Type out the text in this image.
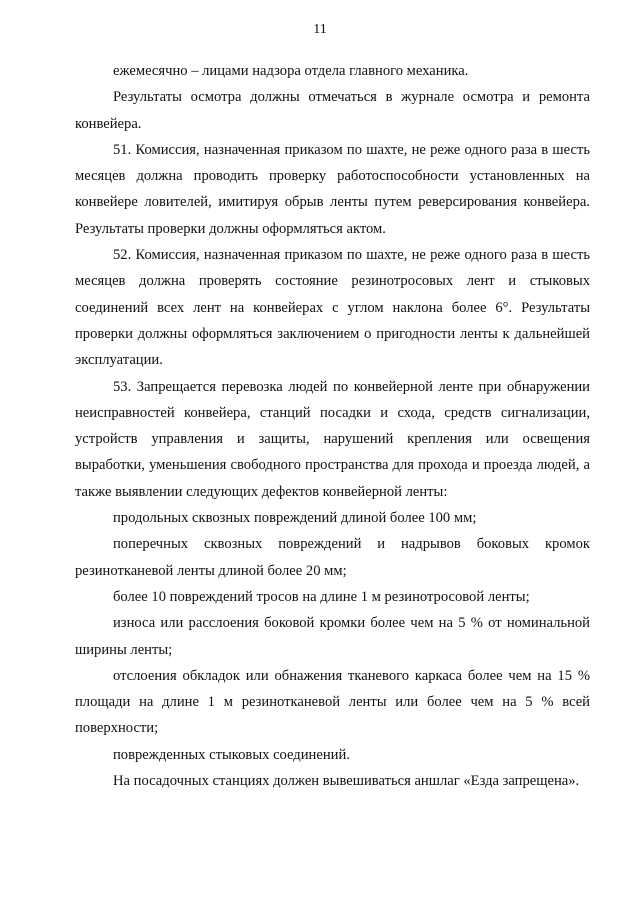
11

ежемесячно – лицами надзора отдела главного механика.

Результаты осмотра должны отмечаться в журнале осмотра и ремонта конвейера.

51. Комиссия, назначенная приказом по шахте, не реже одного раза в шесть месяцев должна проводить проверку работоспособности установленных на конвейере ловителей, имитируя обрыв ленты путем реверсирования конвейера. Результаты проверки должны оформляться актом.

52. Комиссия, назначенная приказом по шахте, не реже одного раза в шесть месяцев должна проверять состояние резинотросовых лент и стыковых соединений всех лент на конвейерах с углом наклона более 6°. Результаты проверки должны оформляться заключением о пригодности ленты к дальнейшей эксплуатации.

53. Запрещается перевозка людей по конвейерной ленте при обнаружении неисправностей конвейера, станций посадки и схода, средств сигнализации, устройств управления и защиты, нарушений крепления или освещения выработки, уменьшения свободного пространства для прохода и проезда людей, а также выявлении следующих дефектов конвейерной ленты:

продольных сквозных повреждений длиной более 100 мм;

поперечных сквозных повреждений и надрывов боковых кромок резинотканевой ленты длиной более 20 мм;

более 10 повреждений тросов на длине 1 м резинотросовой ленты;

износа или расслоения боковой кромки более чем на 5 % от номинальной ширины ленты;

отслоения обкладок или обнажения тканевого каркаса более чем на 15 % площади на длине 1 м резинотканевой ленты или более чем на 5 % всей поверхности;

поврежденных стыковых соединений.

На посадочных станциях должен вывешиваться аншлаг «Езда запрещена».
